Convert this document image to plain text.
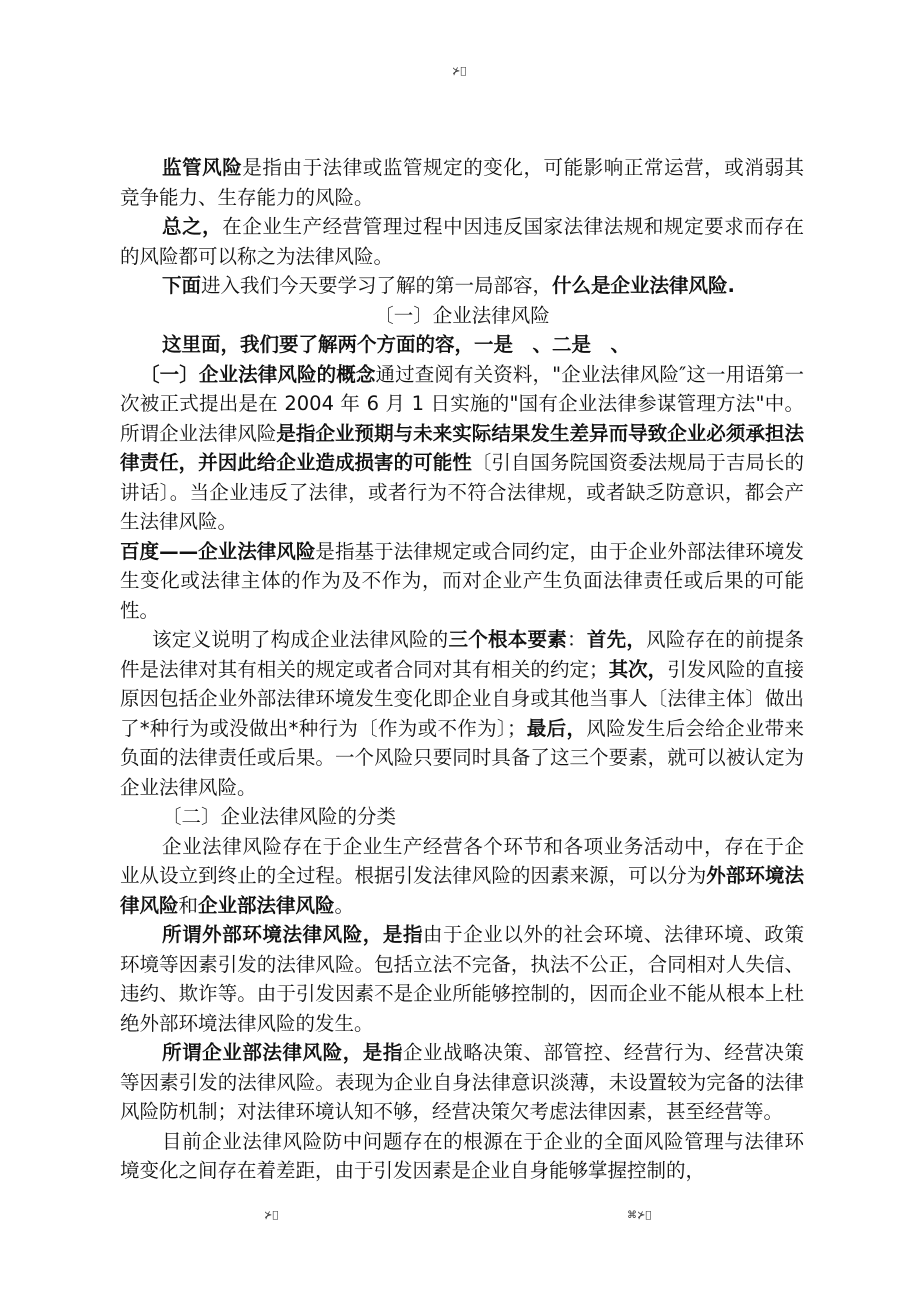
⊁⃝

监管风险是指由于法律或监管规定的变化，可能影响正常运营，或消弱其竞争能力、生存能力的风险。

总之，在企业生产经营管理过程中因违反国家法律法规和规定要求而存在的风险都可以称之为法律风险。

下面进入我们今天要学习了解的第一局部容，什么是企业法律风险.

〔一〕企业法律风险

这里面，我们要了解两个方面的容，一是　、二是　、

〔一〕企业法律风险的概念通过查阅有关资料，"企业法律风险″这一用语第一次被正式提出是在 2004 年 6 月 1 日实施的"国有企业法律参谋管理方法"中。所谓企业法律风险是指企业预期与未来实际结果发生差异而导致企业必须承担法律责任，并因此给企业造成损害的可能性〔引自国务院国资委法规局于吉局长的讲话〕。当企业违反了法律，或者行为不符合法律规，或者缺乏防意识，都会产生法律风险。

百度——企业法律风险是指基于法律规定或合同约定，由于企业外部法律环境发生变化或法律主体的作为及不作为，而对企业产生负面法律责任或后果的可能性。

该定义说明了构成企业法律风险的三个根本要素：首先，风险存在的前提条件是法律对其有相关的规定或者合同对其有相关的约定；其次，引发风险的直接原因包括企业外部法律环境发生变化即企业自身或其他当事人〔法律主体〕做出了*种行为或没做出*种行为〔作为或不作为〕；最后，风险发生后会给企业带来负面的法律责任或后果。一个风险只要同时具备了这三个要素，就可以被认定为企业法律风险。

〔二〕企业法律风险的分类

企业法律风险存在于企业生产经营各个环节和各项业务活动中，存在于企业从设立到终止的全过程。根据引发法律风险的因素来源，可以分为外部环境法律风险和企业部法律风险。

所谓外部环境法律风险，是指由于企业以外的社会环境、法律环境、政策环境等因素引发的法律风险。包括立法不完备，执法不公正，合同相对人失信、违约、欺诈等。由于引发因素不是企业所能够控制的，因而企业不能从根本上杜绝外部环境法律风险的发生。

所谓企业部法律风险，是指企业战略决策、部管控、经营行为、经营决策等因素引发的法律风险。表现为企业自身法律意识淡薄，未设置较为完备的法律风险防机制；对法律环境认知不够，经营决策欠考虑法律因素，甚至经营等。

目前企业法律风险防中问题存在的根源在于企业的全面风险管理与法律环境变化之间存在着差距，由于引发因素是企业自身能够掌握控制的，

⊁⃝	⌘⊁⃝
